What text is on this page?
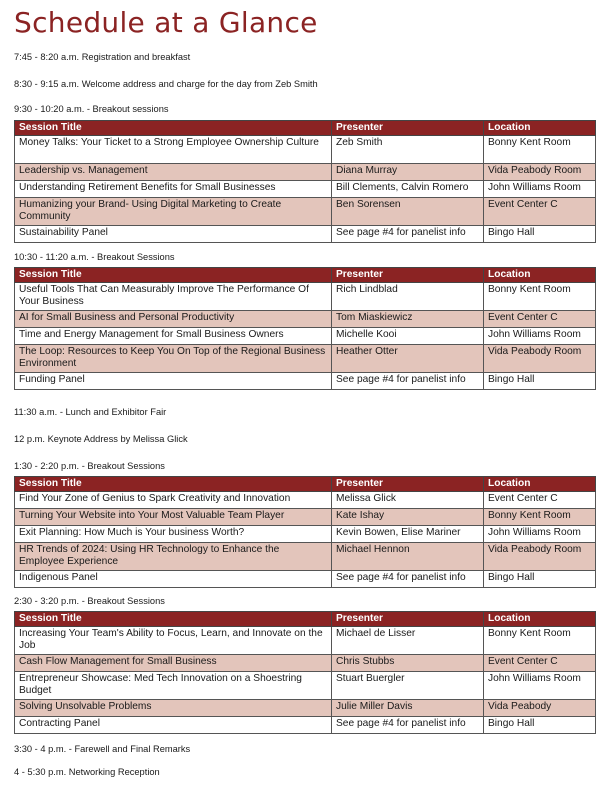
Schedule at a Glance
7:45 - 8:20 a.m. Registration and breakfast
8:30 - 9:15 a.m. Welcome address and charge for the day from Zeb Smith
9:30 - 10:20 a.m. - Breakout sessions
Session Title	Presenter	Location
Money Talks: Your Ticket to a Strong Employee Ownership Culture	Zeb Smith	Bonny Kent Room
Leadership vs. Management	Diana Murray	Vida Peabody Room
Understanding Retirement Benefits for Small Businesses	Bill Clements, Calvin Romero	John Williams Room
Humanizing your Brand- Using Digital Marketing to Create Community	Ben Sorensen	Event Center C
Sustainability Panel	See page #4 for panelist info	Bingo Hall
10:30 - 11:20 a.m. - Breakout Sessions
Session Title	Presenter	Location
Useful Tools That Can Measurably Improve The Performance Of Your Business	Rich Lindblad	Bonny Kent Room
AI for Small Business and Personal Productivity	Tom Miaskiewicz	Event Center C
Time and Energy Management for Small Business Owners	Michelle Kooi	John Williams Room
The Loop: Resources to Keep You On Top of the Regional Business Environment	Heather Otter	Vida Peabody Room
Funding Panel	See page #4 for panelist info	Bingo Hall
11:30 a.m. - Lunch and Exhibitor Fair
12 p.m. Keynote Address by Melissa Glick
1:30 - 2:20 p.m. - Breakout Sessions
Session Title	Presenter	Location
Find Your Zone of Genius to Spark Creativity and Innovation	Melissa Glick	Event Center C
Turning Your Website into Your Most Valuable Team Player	Kate Ishay	Bonny Kent Room
Exit Planning: How Much is Your business Worth?	Kevin Bowen, Elise Mariner	John Williams Room
HR Trends of 2024: Using HR Technology to Enhance the Employee Experience	Michael Hennon	Vida Peabody Room
Indigenous Panel	See page #4 for panelist info	Bingo Hall
2:30 - 3:20 p.m. - Breakout Sessions
Session Title	Presenter	Location
Increasing Your Team's Ability to Focus, Learn, and Innovate on the Job	Michael de Lisser	Bonny Kent Room
Cash Flow Management for Small Business	Chris Stubbs	Event Center C
Entrepreneur Showcase: Med Tech Innovation on a Shoestring Budget	Stuart Buergler	John Williams Room
Solving Unsolvable Problems	Julie Miller Davis	Vida Peabody
Contracting Panel	See page #4 for panelist info	Bingo Hall
3:30 - 4 p.m. - Farewell and Final Remarks
4 - 5:30 p.m. Networking Reception
